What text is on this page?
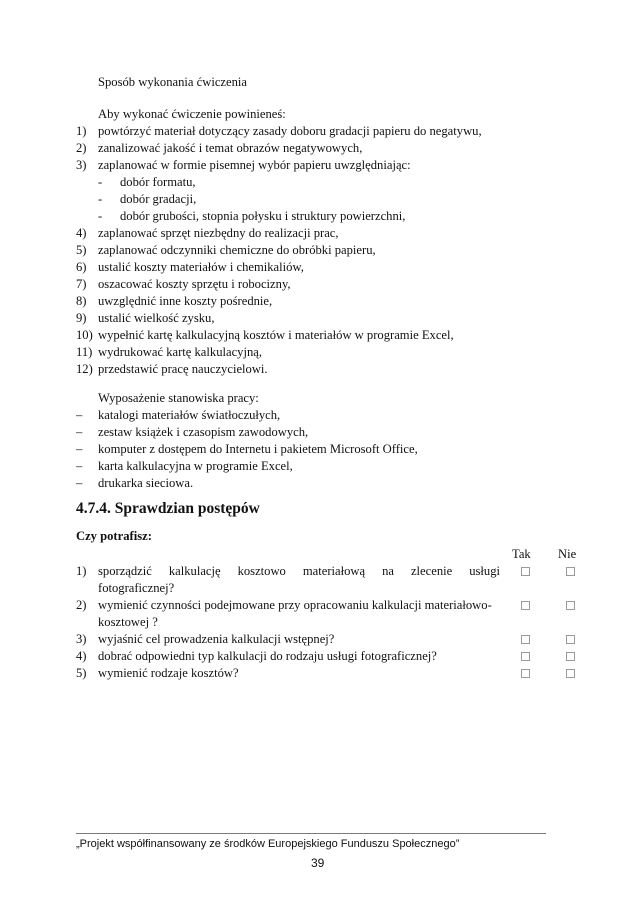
Sposób wykonania ćwiczenia
Aby wykonać ćwiczenie powinieneś:
1) powtórzyć materiał dotyczący zasady doboru gradacji papieru do negatywu,
2) zanalizować jakość i temat obrazów negatywowych,
3) zaplanować w formie pisemnej wybór papieru uwzględniając:
- dobór formatu,
- dobór gradacji,
- dobór grubości, stopnia połysku i struktury powierzchni,
4) zaplanować sprzęt niezbędny do realizacji prac,
5) zaplanować odczynniki chemiczne do obróbki papieru,
6) ustalić koszty materiałów i chemikaliów,
7) oszacować koszty sprzętu i robocizny,
8) uwzględnić inne koszty pośrednie,
9) ustalić wielkość zysku,
10) wypełnić kartę kalkulacyjną kosztów i materiałów w programie Excel,
11) wydrukować kartę kalkulacyjną,
12) przedstawić pracę nauczycielowi.
Wyposażenie stanowiska pracy:
– katalogi materiałów światłoczułych,
– zestaw książek i czasopism zawodowych,
– komputer z dostępem do Internetu i pakietem Microsoft Office,
– karta kalkulacyjna w programie Excel,
– drukarka sieciowa.
4.7.4. Sprawdzian postępów
Czy potrafisz:
Tak Nie
1) sporządzić kalkulację kosztowo materiałową na zlecenie usługi
fotograficznej?
2) wymienić czynności podejmowane przy opracowaniu kalkulacji materiałowo-
kosztowej ?
3) wyjaśnić cel prowadzenia kalkulacji wstępnej?
4) dobrać odpowiedni typ kalkulacji do rodzaju usługi fotograficznej?
5) wymienić rodzaje kosztów?
„Projekt współfinansowany ze środków Europejskiego Funduszu Społecznego”
39
